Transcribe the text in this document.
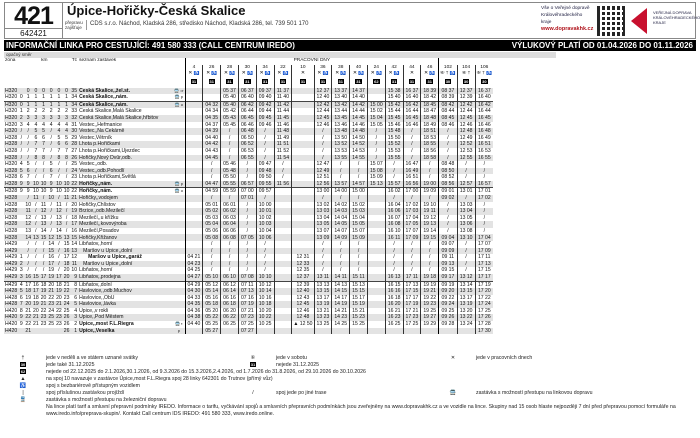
421
642421
Úpice-Hořičky-Česká Skalice
přepravu zajišťuje
CDS s.r.o. Náchod, Kladská 286, středisko Náchod, Kladská 286, tel. 739 501 170
Vše o Veřejné dopravě
Královéhradeckého kraje
www.dopravakhk.cz
VEŘEJNÁ DOPRAVA
KRÁLOVÉHRADECKÉHO
KRAJE
INFORMAČNÍ LINKA PRO CESTUJÍCÍ: 491 580 333 (CALL CENTRUM IREDO)	VÝLUKOVÝ PLATÍ OD 01.04.2026 DO 01.11.2026
opačný směr
zóna	km							Tč	seznam zastávek		PRACOVNÍ DNY														VÍKENDY A SVÁTKY		
											4	26	28	30	34	22	10	36	38	40	24	42	44	46	102	104	106
											✕ ♿	✕ ♿	✕ ♿	✕ ♿	✕ ♿	✕ ♿	✕	✕ ♿	✕ ♿	✕ ♿	✕ ♿	✕ ♿	✕	✕ ♿	⑥ † ♿	⑥ †	⑥ † ♿
											31	31	31	31	31	31	31	31	31	31	62	31	31	31	30	30	30
H320		0	0	0	0	0	0	35	Česká Skalice,,žel.st.	🚍 ⇒			05 37	06 37	09 37	11 37		12 37	13 37	14 37		15 38	16 37	18 39	08 37	12 37	16 37
H320	0	1	1	1	1	1	1	34	Česká Skalice,,nám.	🚍 p			05 40	06 40	09 40	11 40		12 40	13 40	14 40		15 40	16 40	18 42	08 39	12 39	16 40
H320	0	1	1	1	1	1	1	34	Česká Skalice,,nám.	🚍 o		04 32	05 40	06 42	09 42	11 42		12 42	13 42	14 42	15 00	15 42	16 42	18 45	08 42	12 42	16 42
H320	1	2	2	2	2	2	2	33	Česká Skalice,Malá Skalice			04 34	05 42	06 44	09 44	11 44		12 44	13 44	14 44	15 02	15 44	16 44	18 47	08 44	12 44	16 44
H320	2	3	3	3	3	3	3	32	Česká Skalice,Malá Skalice,hřbitov			04 35	05 43	06 45	09 45	11 45		12 45	13 45	14 45	15 04	15 45	16 45	18 48	08 45	12 45	16 45
H320	3	4	4	4	4	4	4	31	Vestec,,Heřmanice			04 37	05 45	06 46	09 46	11 46		12 46	13 46	14 46	15 05	15 46	16 46	18 49	08 46	12 46	16 46
H320	/	/	5	5	/	4	4	30	Vestec,,Na Čekárně			04 39	/	06 48	/	11 48		/	13 48	14 48	/	15 48	/	18 51	/	12 48	16 48
H328	/	/	6	6	/	5	5	29	Vestec,Větrník			04 40	/	06 50	/	11 49		/	13 50	14 50	/	15 50	/	18 53	/	12 49	16 49
H328	/	/	7	7	/	6	6	28	Lhota p.Hořičkami			04 42	/	06 52	/	11 51		/	13 52	14 52	/	15 52	/	18 55	/	12 52	16 51
H328	/	/	7	7	/	7	7	27	Lhota p.Hořičkami,Újezdec			04 43	/	06 53	/	11 52		/	13 53	14 53	/	15 53	/	18 56	/	12 53	16 53
H328	/	/	8	8	/	8	8	26	Hořičky,Nový Dvůr,odb.			04 45	/	06 55	/	11 54		/	13 55	14 55	/	15 55	/	18 58	/	12 55	16 55
H320	4	5	/	/	5	/	/	25	Vestec,,odb.			/	05 46	/	09 47	/		12 47	/	/	15 07	/	16 47	/	08 48	/	/
H328	5	6	/	/	6	/	/	24	Vestec,,odb.Pohodlí			/	05 48	/	09 48	/		12 49	/	/	15 08	/	16 49	/	08 50	/	/
H328	6	7	/	/	7	/	/	23	Lhota p.Hořičkami,Světlá			/	05 50	/	09 50	/		12 51	/	/	15 09	/	16 51	/	08 52	/	/
H328	9	9	10	10	9	10	10	22	Hořičky,,nám.	🚍 p		04 47	05 55	06 57	09 55	11 56		12 56	13 57	14 57	15 13	15 57	16 56	19 00	08 56	12 57	16 57
H328	9	9	10	10	9	10	10	22	Hořičky,,nám.	🚍 o		04 59	05 59	07 00	09 57			13 00	14 00	15 00		16 02	17 00	19 09	09 01	13 01	17 01
H328		/	11	/	10	/	11	21	Hořičky,,vodojem			/	/	07 01	/			/	/	/		/	/	/	09 02	/	17 02
H328		10	/	11	/	11	/	20	Hořičky,Chlístov			05 01	06 01	/	10 00			13 02	14 02	15 02		16 04	17 02	19 10	/	13 03	/
H328		11	/	12	/	12	/	19	Brzice,,odb.Mezilečí			05 02	06 02	/	10 01			13 03	14 03	15 03		16 06	17 03	19 11	/	13 04	/
H328		12	/	13	/	13	/	18	Mezilečí,,u křížku			05 03	06 03	/	10 02			13 04	14 04	15 04		16 07	17 04	19 12	/	13 05	/
H328		12	/	13	/	13	/	17	Mezilečí,,kovovýroba			05 04	06 04	/	10 03			13 05	14 05	15 05		16 08	17 05	19 13	/	13 06	/
H328		13	/	14	/	14	/	16	Mezilečí,Posadov			05 06	06 06	/	10 04			13 07	14 07	15 07		16 10	17 07	19 14	/	13 08	/
H328		14	13	15	12	15	13	15	Hořičky,Křižanov			05 08	06 08	07 05	10 06			13 09	14 09	15 09		16 11	17 09	19 15	09 04	13 10	17 04
H429		/	/	/	14	/	15	14	Libňatov,,horní			/	/	/	/			/	/	/		/	/	/	09 07	/	17 07
H429		/	/	/	15	/	16	13	Maršov u Úpice,,dolní			/	/	/	/			/	/	/		/	/	/	09 09	/	17 09
H429	1	/	/	/	16	/	17	12	Maršov u Úpice,,garáž		04 21	/	/	/	/		12 31	/	/	/		/	/	/	09 11	/	17 11
H429	2	/	/	/	17	/	18	11	Maršov u Úpice,,dolní		04 23	/	/	/	/		12 33	/	/	/		/	/	/	09 13	/	17 13
H429	3	/	/	/	19	/	20	10	Libňatov,,horní		04 25	/	/	/	/		12 35	/	/	/		/	/	/	09 15	/	17 15
H429	3	16	15	17	19	17	20	9	Libňatov,,prodejna		04 27	05 10	06 10	07 08	10 10		12 37	13 11	14 11	15 11		16 13	17 11	19 18	09 17	13 12	17 17
H429	4	17	16	18	20	18	21	8	Libňatov,,dolní		04 29	05 12	06 12	07 11	10 12		12 39	13 13	14 13	15 13		16 15	17 13	19 19	09 19	13 14	17 19
H428	5	18	17	19	21	19	22	7	Havlovice,,odb.Muchov		04 30	05 14	06 14	07 13	10 14		12 40	13 15	14 15	15 15		16 16	17 15	19 21	09 20	13 15	17 20
H428	6	19	18	20	22	20	23	6	Havlovice,,ObÚ		04 33	05 16	06 16	07 16	10 16		12 43	13 17	14 17	15 17		16 18	17 17	19 22	09 22	13 17	17 22
H428	7	20	19	21	23	21	24	5	Havlovice,,lávka		04 35	05 18	06 18	07 19	10 18		12 45	13 19	14 19	15 19		16 20	17 19	19 23	09 24	13 19	17 24
H420	8	21	20	22	24	22	25	4	Úpice,,v rokli		04 36	05 20	06 20	07 21	10 20		12 46	13 21	14 21	15 21		16 21	17 21	19 25	09 25	13 20	17 25
H420	9	22	21	23	25	23	26	3	Úpice,,Pod Městem		04 38	05 22	06 22	07 23	10 22		12 48	13 23	14 23	15 23		16 23	17 23	19 27	09 26	13 22	17 26
H420	9	22	21	23	25	23	26	2	Úpice,,most F.L.Riegra	🚍 ▪	04 40	05 25	06 25	07 25	10 25		▲ 12 50	13 25	14 25	15 25		16 25	17 25	19 29	09 28	13 24	17 28
H420		21					26	1	Úpice,,Veselka	p		05 27		07 27													17 30
†	jede v neděli a ve státem uznané svátky	⑥	jede v sobotu	✕	jede v pracovních dnech
30	jede také 31.12.2025	31	nejede 31.12.2025
62	nejede od 22.12.2025 do 2.1.2026,30.1.2026, od 9.3.2026 do 15.3.2026,2.4.2026, od 1.7.2026 do 31.8.2026, od 29.10.2026 do 30.10.2026
▲	na spoj 10 navazuje v zastávce Úpice,most F.L.Riegra spoj 28 linky 642301 do Trutnov (přímý vůz)
♿	spoj s bezbariérově přístupným vozidlem
|	spoj příslušnou zastávkou projíždí	/	spoj jede po jiné trase	🚍	zastávka s možností přestupu na linkovou dopravu
🚆	zastávka s možností přestupu na železniční dopravu
Na lince platí tarif a smluvní přepravní podmínky IREDO. Informace o tarifu, vyčkávání spojů a smluvních přepravních podmínkách jsou zveřejněny na www.dopravakhk.cz a ve vozidle na lince. Skupiny nad 15 osob hlaste nejpozději 7 dní před přepravou pomocí formuláře na www.iredo.info/preprava-skupin/. Kontakt Call centrum IDS IREDO: 491 580 333, www.iredo.online.
